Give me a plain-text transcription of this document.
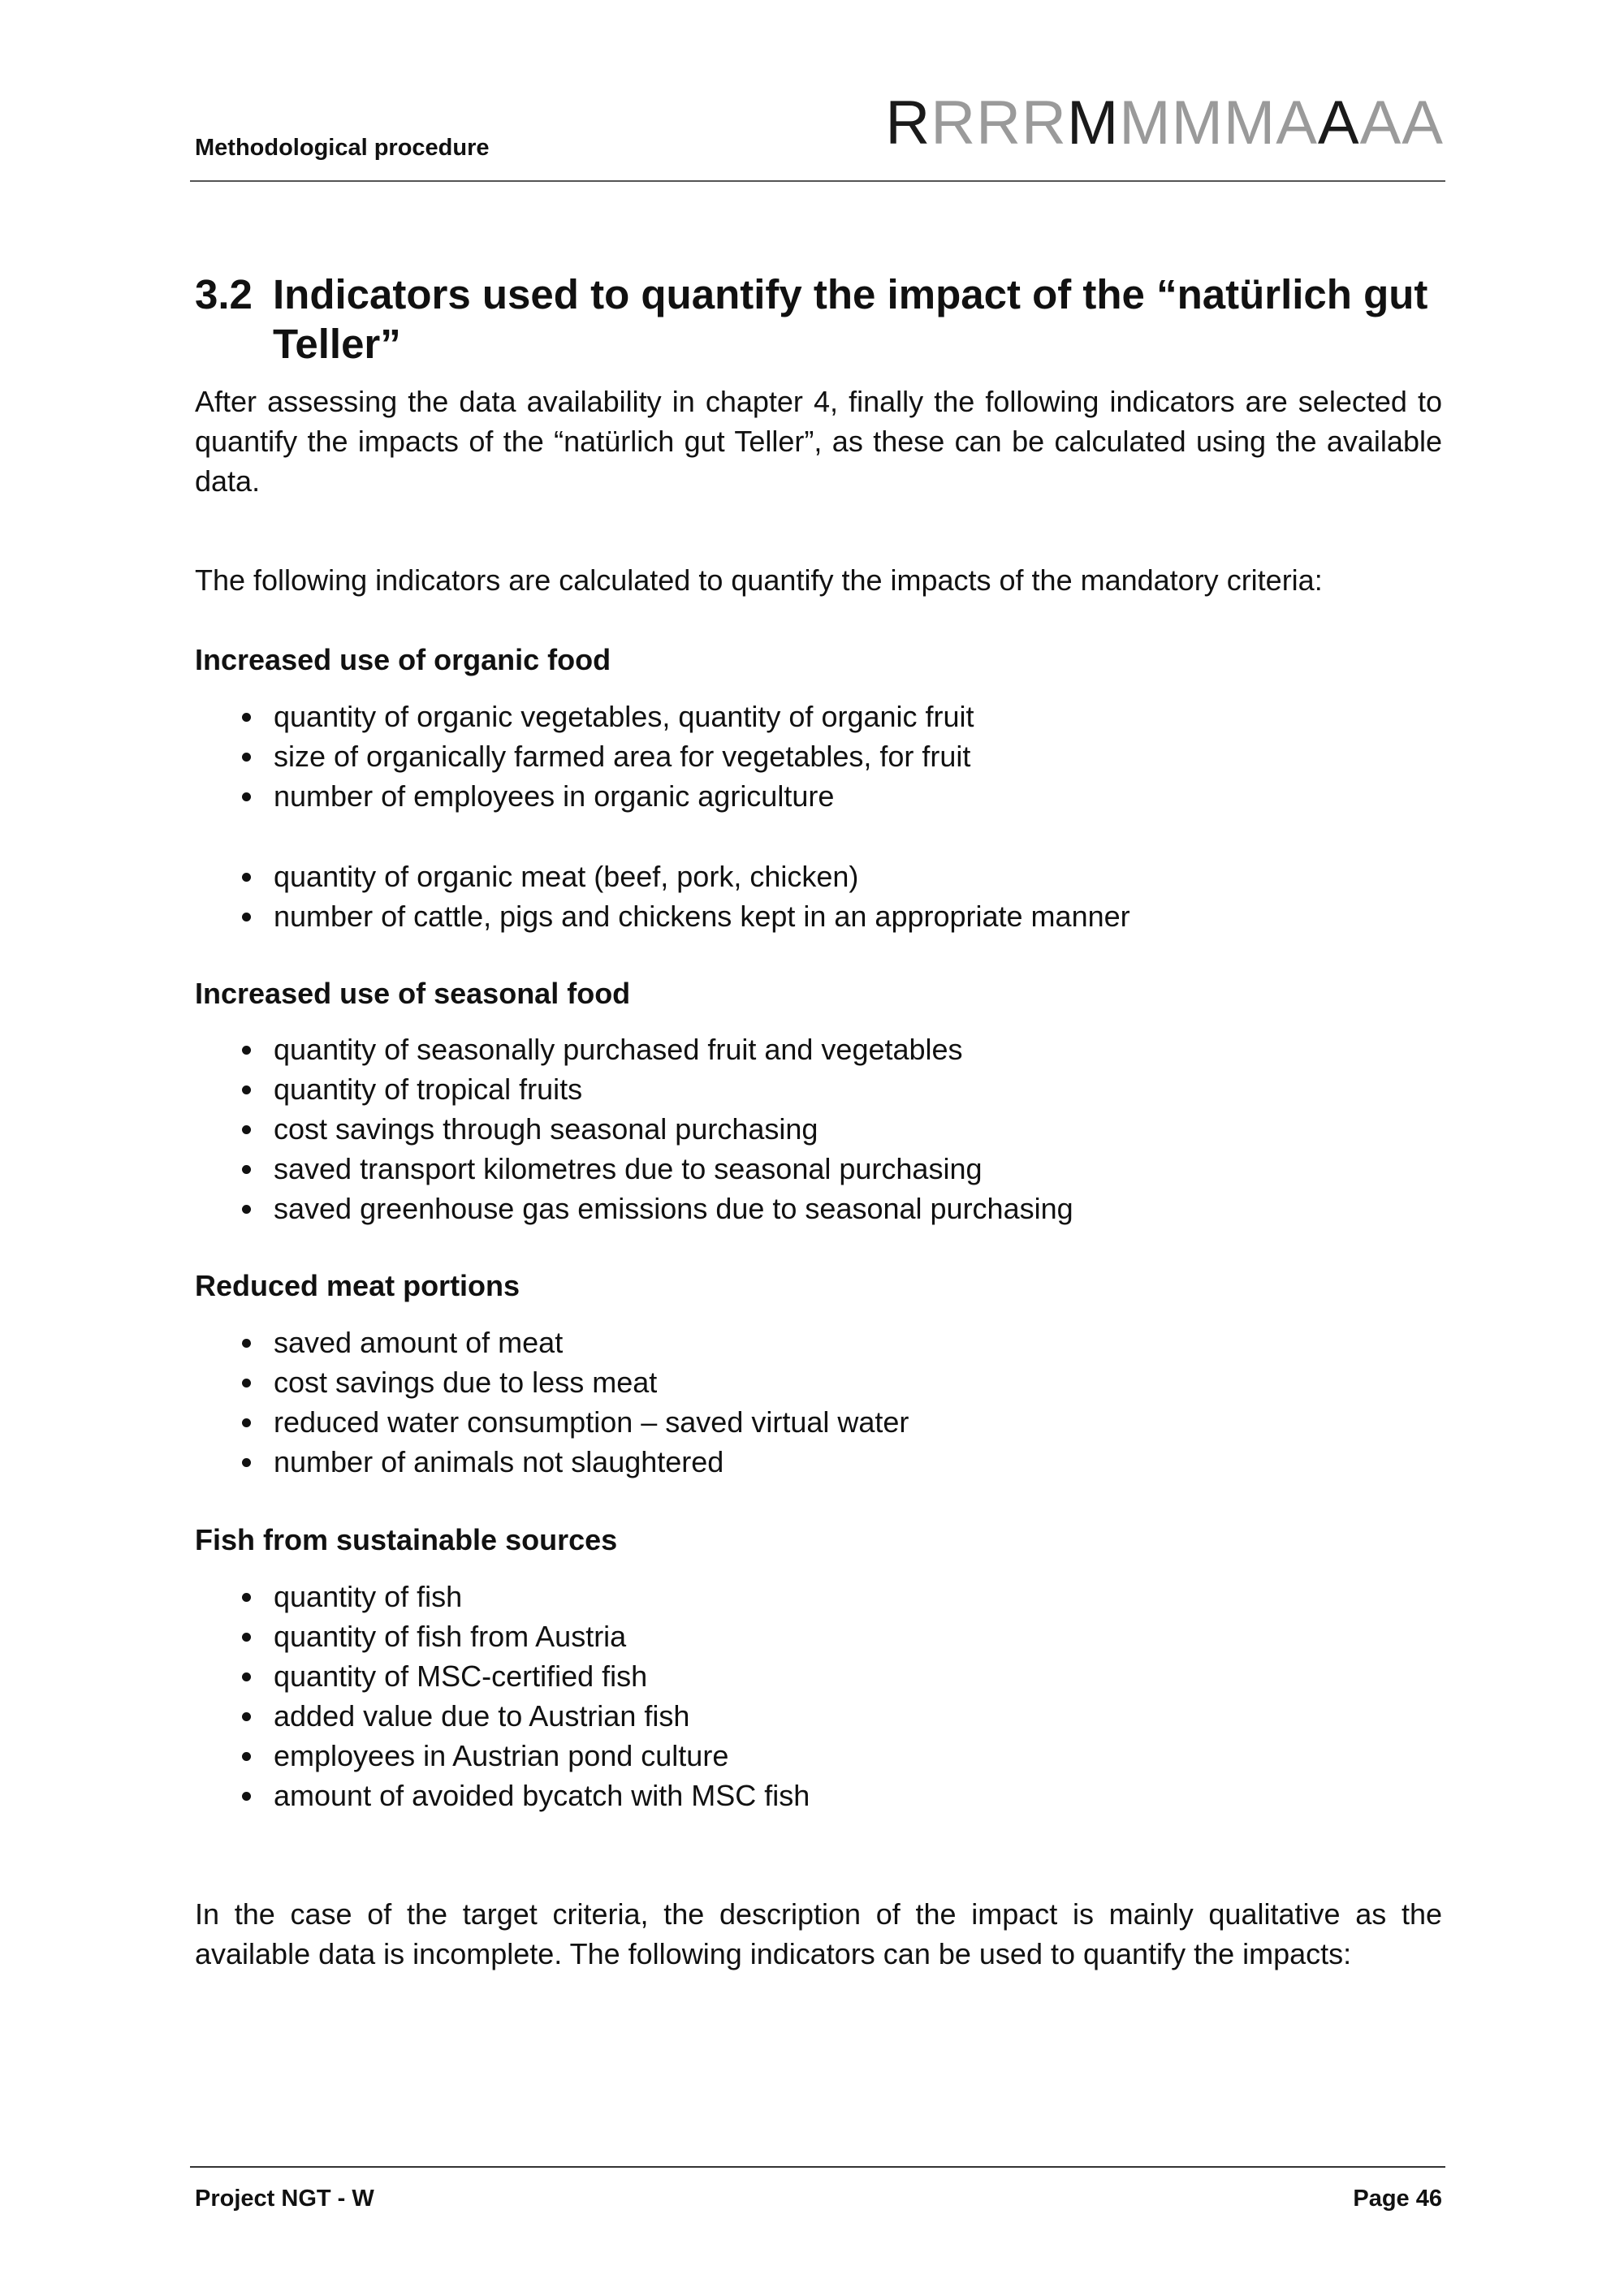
Methodological procedure	R R R R M M M M A A A A
3.2 Indicators used to quantify the impact of the “natürlich gut Teller”

After assessing the data availability in chapter 4, finally the following indicators are selected to quantify the impacts of the “natürlich gut Teller”, as these can be calculated using the available data.

The following indicators are calculated to quantify the impacts of the mandatory criteria:

Increased use of organic food
quantity of organic vegetables, quantity of organic fruit
size of organically farmed area for vegetables, for fruit
number of employees in organic agriculture
quantity of organic meat (beef, pork, chicken)
number of cattle, pigs and chickens kept in an appropriate manner
Increased use of seasonal food
quantity of seasonally purchased fruit and vegetables
quantity of tropical fruits
cost savings through seasonal purchasing
saved transport kilometres due to seasonal purchasing
saved greenhouse gas emissions due to seasonal purchasing
Reduced meat portions
saved amount of meat
cost savings due to less meat
reduced water consumption – saved virtual water
number of animals not slaughtered
Fish from sustainable sources
quantity of fish
quantity of fish from Austria
quantity of MSC-certified fish
added value due to Austrian fish
employees in Austrian pond culture
amount of avoided bycatch with MSC fish

In the case of the target criteria, the description of the impact is mainly qualitative as the available data is incomplete. The following indicators can be used to quantify the impacts:

Project NGT - W	Page 46
